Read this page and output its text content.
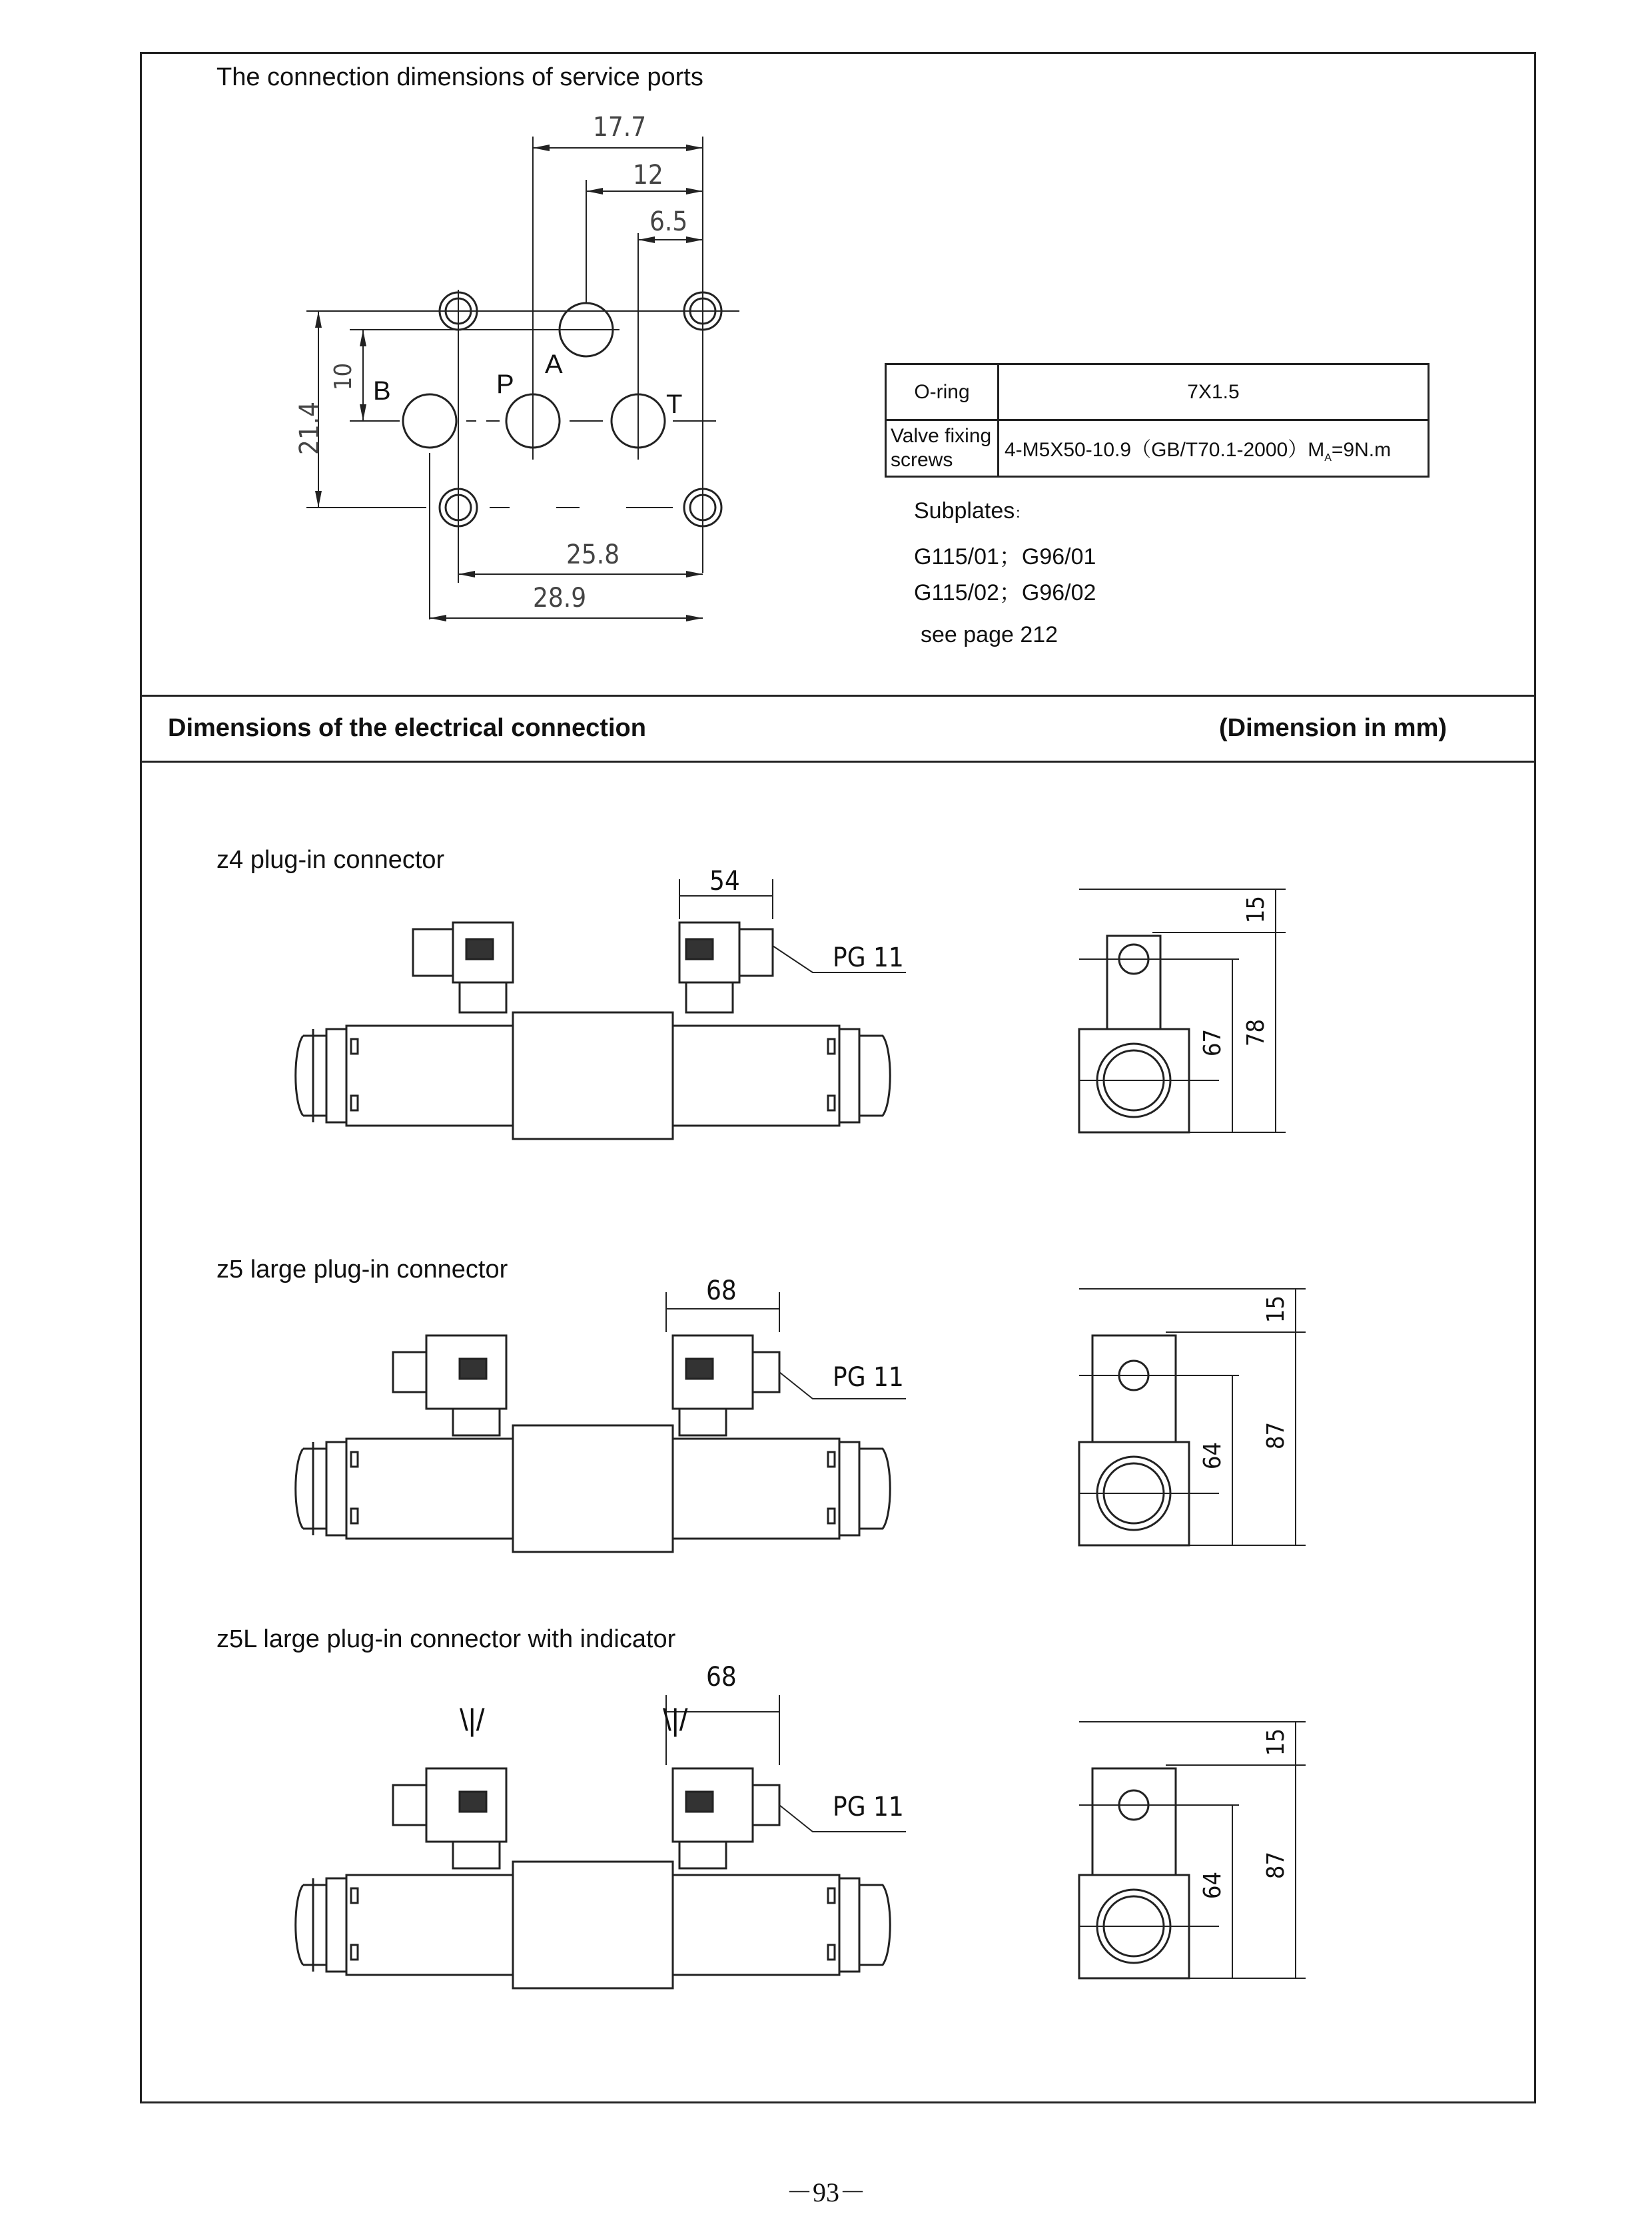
The connection dimensions of service ports
17.7
12
6.5
21.4
10
25.8
28.9
B	P
A
T	O-ring	7X1.5
Valve fixing
screws	$4-M5X50-10.9(GB/T70.1-2000)M_A=9N.m$
Subplates：
G115/01；G96/01
G115/02；G96/02
see page 212
Dimensions of the electrical connection	(Dimension in mm)
z4 plug-in connector
z5 large plug-in connector
z5L large plug-in connector with indicator
54
PG 11
15
67 78
68
PG 11
15
64
87
\|/	\|/
68
PG 11
15
64
87
－93－
